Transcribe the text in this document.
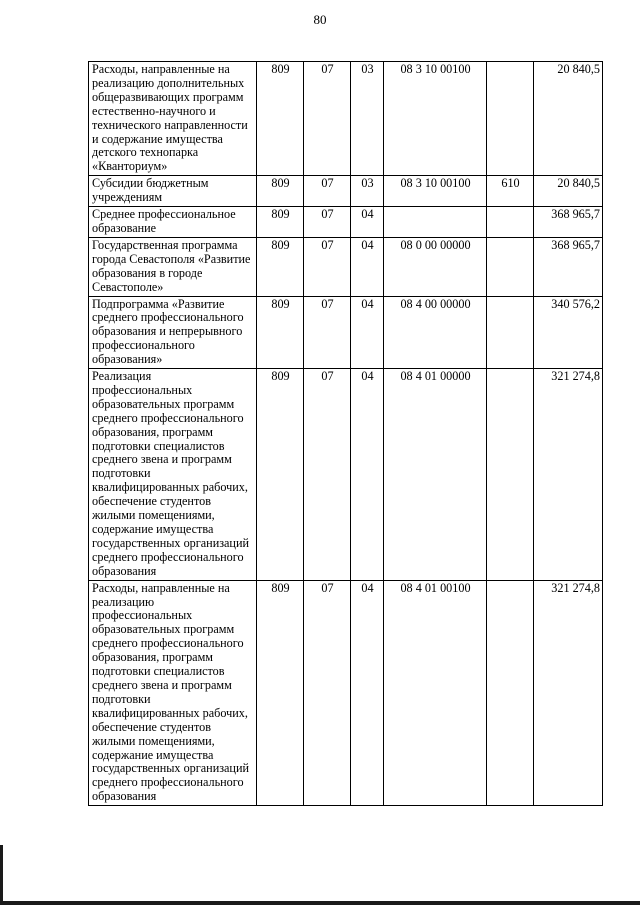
80
Расходы, направленные на реализацию дополнительных общеразвивающих программ естественно-научного и технического направленности и содержание имущества детского технопарка «Кванториум»	809	07	03	08 3 10 00100		20 840,5
Субсидии бюджетным учреждениям	809	07	03	08 3 10 00100	610	20 840,5
Среднее профессиональное образование	809	07	04			368 965,7
Государственная программа города Севастополя «Развитие образования в городе Севастополе»	809	07	04	08 0 00 00000		368 965,7
Подпрограмма «Развитие среднего профессионального образования и непрерывного профессионального образования»	809	07	04	08 4 00 00000		340 576,2
Реализация профессиональных образовательных программ среднего профессионального образования, программ подготовки специалистов среднего звена и программ подготовки квалифицированных рабочих, обеспечение студентов жилыми помещениями, содержание имущества государственных организаций среднего профессионального образования	809	07	04	08 4 01 00000		321 274,8
Расходы, направленные на реализацию профессиональных образовательных программ среднего профессионального образования, программ подготовки специалистов среднего звена и программ подготовки квалифицированных рабочих, обеспечение студентов жилыми помещениями, содержание имущества государственных организаций среднего профессионального образования	809	07	04	08 4 01 00100		321 274,8
